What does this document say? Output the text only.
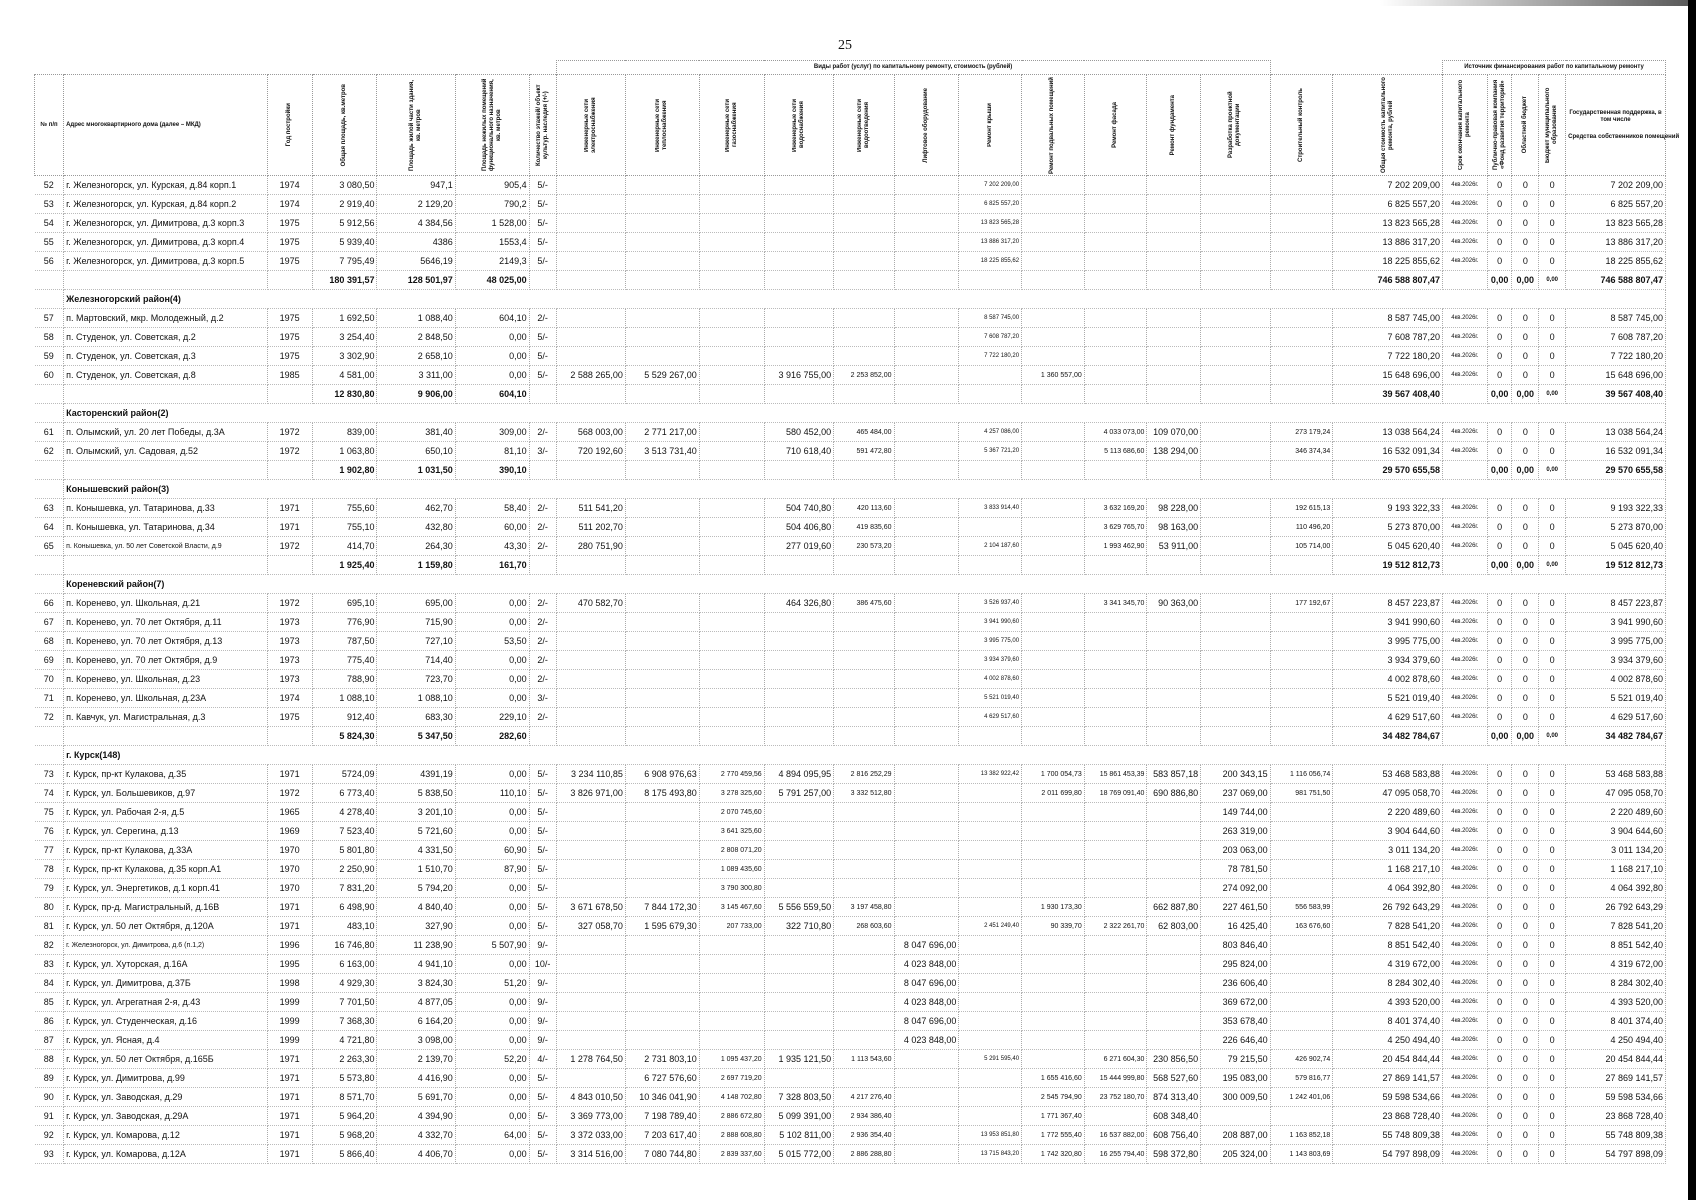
25
							Виды работ (услуг) по капитальному ремонту, стоимость (рублей)													Источник финансирования работ по капитальному ремонту				
№ п/п	Адрес многоквартирного дома (далее – МКД)	Год постройки	Общая площадь, кв.метров	Площадь жилой части здания, кв. метров	Площадь нежилых помещений функционального назначения, кв. метров	Количество этажей/ объект культур. наследия (+/-)	Инженерные сети электроснабжения	Инженерные сети теплоснабжения	Инженерные сети газоснабжения	Инженерные сети водоснабжения	Инженерные сети водоотведения	Лифтовое оборудование	Ремонт крыши	Ремонт подвальных помещений	Ремонт фасада	Ремонт фундамента	Разработка проектной документации	Строительный контроль	Общая стоимость капитального ремонта, рублей	Срок окончания капитального ремонта	Публично-правовая компания «Фонд развития территорий»	Областной бюджет	Бюджет муниципального образования	Государственная поддержка, в том числе
Средства собственников помещений
52	г. Железногорск, ул. Курская, д.84 корп.1	1974	3 080,50	947,1	905,4	5/-							7 202 209,00						7 202 209,00	4кв.2026г.	0	0	0	7 202 209,00
53	г. Железногорск, ул. Курская, д.84 корп.2	1974	2 919,40	2 129,20	790,2	5/-							6 825 557,20						6 825 557,20	4кв.2026г.	0	0	0	6 825 557,20
54	г. Железногорск, ул. Димитрова, д.3 корп.3	1975	5 912,56	4 384,56	1 528,00	5/-							13 823 565,28						13 823 565,28	4кв.2026г.	0	0	0	13 823 565,28
55	г. Железногорск, ул. Димитрова, д.3 корп.4	1975	5 939,40	4386	1553,4	5/-							13 886 317,20						13 886 317,20	4кв.2026г.	0	0	0	13 886 317,20
56	г. Железногорск, ул. Димитрова, д.3 корп.5	1975	7 795,49	5646,19	2149,3	5/-							18 225 855,62						18 225 855,62	4кв.2026г.	0	0	0	18 225 855,62
			180 391,57	128 501,97	48 025,00														746 588 807,47		0,00	0,00	0,00	746 588 807,47
	Железногорский район(4)																							
57	п. Мартовский, мкр. Молодежный, д.2	1975	1 692,50	1 088,40	604,10	2/-							8 587 745,00						8 587 745,00	4кв.2026г.	0	0	0	8 587 745,00
58	п. Студенок, ул. Советская, д.2	1975	3 254,40	2 848,50	0,00	5/-							7 608 787,20						7 608 787,20	4кв.2026г.	0	0	0	7 608 787,20
59	п. Студенок, ул. Советская, д.3	1975	3 302,90	2 658,10	0,00	5/-							7 722 180,20						7 722 180,20	4кв.2026г.	0	0	0	7 722 180,20
60	п. Студенок, ул. Советская, д.8	1985	4 581,00	3 311,00	0,00	5/-	2 588 265,00	5 529 267,00		3 916 755,00	2 253 852,00			1 360 557,00					15 648 696,00	4кв.2026г.	0	0	0	15 648 696,00
			12 830,80	9 906,00	604,10														39 567 408,40		0,00	0,00	0,00	39 567 408,40
	Касторенский район(2)																							
61	п. Олымский, ул. 20 лет Победы, д.3А	1972	839,00	381,40	309,00	2/-	568 003,00	2 771 217,00		580 452,00	465 484,00		4 257 086,00		4 033 073,00	109 070,00		273 179,24	13 038 564,24	4кв.2026г.	0	0	0	13 038 564,24
62	п. Олымский, ул. Садовая, д.52	1972	1 063,80	650,10	81,10	3/-	720 192,60	3 513 731,40		710 618,40	591 472,80		5 367 721,20		5 113 686,60	138 294,00		346 374,34	16 532 091,34	4кв.2026г.	0	0	0	16 532 091,34
			1 902,80	1 031,50	390,10														29 570 655,58		0,00	0,00	0,00	29 570 655,58
	Конышевский район(3)																							
63	п. Конышевка, ул. Татаринова, д.33	1971	755,60	462,70	58,40	2/-	511 541,20			504 740,80	420 113,60		3 833 914,40		3 632 169,20	98 228,00		192 615,13	9 193 322,33	4кв.2026г.	0	0	0	9 193 322,33
64	п. Конышевка, ул. Татаринова, д.34	1971	755,10	432,80	60,00	2/-	511 202,70			504 406,80	419 835,60				3 629 765,70	98 163,00		110 496,20	5 273 870,00	4кв.2026г.	0	0	0	5 273 870,00
65	п. Конышевка, ул. 50 лет Советской Власти, д.9	1972	414,70	264,30	43,30	2/-	280 751,90			277 019,60	230 573,20		2 104 187,60		1 993 462,90	53 911,00		105 714,00	5 045 620,40	4кв.2026г.	0	0	0	5 045 620,40
			1 925,40	1 159,80	161,70														19 512 812,73		0,00	0,00	0,00	19 512 812,73
	Кореневский район(7)																							
66	п. Коренево, ул. Школьная, д.21	1972	695,10	695,00	0,00	2/-	470 582,70			464 326,80	386 475,60		3 526 937,40		3 341 345,70	90 363,00		177 192,67	8 457 223,87	4кв.2026г.	0	0	0	8 457 223,87
67	п. Коренево, ул. 70 лет Октября, д.11	1973	776,90	715,90	0,00	2/-							3 941 990,60						3 941 990,60	4кв.2026г.	0	0	0	3 941 990,60
68	п. Коренево, ул. 70 лет Октября, д.13	1973	787,50	727,10	53,50	2/-							3 995 775,00						3 995 775,00	4кв.2026г.	0	0	0	3 995 775,00
69	п. Коренево, ул. 70 лет Октября, д.9	1973	775,40	714,40	0,00	2/-							3 934 379,60						3 934 379,60	4кв.2026г.	0	0	0	3 934 379,60
70	п. Коренево, ул. Школьная, д.23	1973	788,90	723,70	0,00	2/-							4 002 878,60						4 002 878,60	4кв.2026г.	0	0	0	4 002 878,60
71	п. Коренево, ул. Школьная, д.23А	1974	1 088,10	1 088,10	0,00	3/-							5 521 019,40						5 521 019,40	4кв.2026г.	0	0	0	5 521 019,40
72	п. Кавчук, ул. Магистральная, д.3	1975	912,40	683,30	229,10	2/-							4 629 517,60						4 629 517,60	4кв.2026г.	0	0	0	4 629 517,60
			5 824,30	5 347,50	282,60														34 482 784,67		0,00	0,00	0,00	34 482 784,67
	г. Курск(148)																							
73	г. Курск, пр-кт Кулакова, д.35	1971	5724,09	4391,19	0,00	5/-	3 234 110,85	6 908 976,63	2 770 459,56	4 894 095,95	2 816 252,29		13 382 922,42	1 700 054,73	15 861 453,39	583 857,18	200 343,15	1 116 056,74	53 468 583,88	4кв.2026г.	0	0	0	53 468 583,88
74	г. Курск, ул. Большевиков, д.97	1972	6 773,40	5 838,50	110,10	5/-	3 826 971,00	8 175 493,80	3 278 325,60	5 791 257,00	3 332 512,80			2 011 699,80	18 769 091,40	690 886,80	237 069,00	981 751,50	47 095 058,70	4кв.2026г.	0	0	0	47 095 058,70
75	г. Курск, ул. Рабочая 2-я, д.5	1965	4 278,40	3 201,10	0,00	5/-			2 070 745,60								149 744,00		2 220 489,60	4кв.2026г.	0	0	0	2 220 489,60
76	г. Курск, ул. Серегина, д.13	1969	7 523,40	5 721,60	0,00	5/-			3 641 325,60								263 319,00		3 904 644,60	4кв.2026г.	0	0	0	3 904 644,60
77	г. Курск, пр-кт Кулакова, д.33А	1970	5 801,80	4 331,50	60,90	5/-			2 808 071,20								203 063,00		3 011 134,20	4кв.2026г.	0	0	0	3 011 134,20
78	г. Курск, пр-кт Кулакова, д.35 корп.А1	1970	2 250,90	1 510,70	87,90	5/-			1 089 435,60								78 781,50		1 168 217,10	4кв.2026г.	0	0	0	1 168 217,10
79	г. Курск, ул. Энергетиков, д.1 корп.41	1970	7 831,20	5 794,20	0,00	5/-			3 790 300,80								274 092,00		4 064 392,80	4кв.2026г.	0	0	0	4 064 392,80
80	г. Курск, пр-д. Магистральный, д.16В	1971	6 498,90	4 840,40	0,00	5/-	3 671 678,50	7 844 172,30	3 145 467,60	5 556 559,50	3 197 458,80			1 930 173,30		662 887,80	227 461,50	556 583,99	26 792 643,29	4кв.2026г.	0	0	0	26 792 643,29
81	г. Курск, ул. 50 лет Октября, д.120А	1971	483,10	327,90	0,00	5/-	327 058,70	1 595 679,30	207 733,00	322 710,80	268 603,60		2 451 249,40	90 339,70	2 322 261,70	62 803,00	16 425,40	163 676,60	7 828 541,20	4кв.2026г.	0	0	0	7 828 541,20
82	г. Железногорск, ул. Димитрова, д.6 (п.1,2)	1996	16 746,80	11 238,90	5 507,90	9/-						8 047 696,00					803 846,40		8 851 542,40	4кв.2026г.	0	0	0	8 851 542,40
83	г. Курск, ул. Хуторская, д.16А	1995	6 163,00	4 941,10	0,00	10/-						4 023 848,00					295 824,00		4 319 672,00	4кв.2026г.	0	0	0	4 319 672,00
84	г. Курск, ул. Димитрова, д.37Б	1998	4 929,30	3 824,30	51,20	9/-						8 047 696,00					236 606,40		8 284 302,40	4кв.2026г.	0	0	0	8 284 302,40
85	г. Курск, ул. Агрегатная 2-я, д.43	1999	7 701,50	4 877,05	0,00	9/-						4 023 848,00					369 672,00		4 393 520,00	4кв.2026г.	0	0	0	4 393 520,00
86	г. Курск, ул. Студенческая, д.16	1999	7 368,30	6 164,20	0,00	9/-						8 047 696,00					353 678,40		8 401 374,40	4кв.2026г.	0	0	0	8 401 374,40
87	г. Курск, ул. Ясная, д.4	1999	4 721,80	3 098,00	0,00	9/-						4 023 848,00					226 646,40		4 250 494,40	4кв.2026г.	0	0	0	4 250 494,40
88	г. Курск, ул. 50 лет Октября, д.165Б	1971	2 263,30	2 139,70	52,20	4/-	1 278 764,50	2 731 803,10	1 095 437,20	1 935 121,50	1 113 543,60		5 291 595,40		6 271 604,30	230 856,50	79 215,50	426 902,74	20 454 844,44	4кв.2026г.	0	0	0	20 454 844,44
89	г. Курск, ул. Димитрова, д.99	1971	5 573,80	4 416,90	0,00	5/-		6 727 576,60	2 697 719,20					1 655 416,60	15 444 999,80	568 527,60	195 083,00	579 816,77	27 869 141,57	4кв.2026г.	0	0	0	27 869 141,57
90	г. Курск, ул. Заводская, д.29	1971	8 571,70	5 691,70	0,00	5/-	4 843 010,50	10 346 041,90	4 148 702,80	7 328 803,50	4 217 276,40			2 545 794,90	23 752 180,70	874 313,40	300 009,50	1 242 401,06	59 598 534,66	4кв.2026г.	0	0	0	59 598 534,66
91	г. Курск, ул. Заводская, д.29А	1971	5 964,20	4 394,90	0,00	5/-	3 369 773,00	7 198 789,40	2 886 672,80	5 099 391,00	2 934 386,40			1 771 367,40		608 348,40			23 868 728,40	4кв.2026г.	0	0	0	23 868 728,40
92	г. Курск, ул. Комарова, д.12	1971	5 968,20	4 332,70	64,00	5/-	3 372 033,00	7 203 617,40	2 888 608,80	5 102 811,00	2 936 354,40		13 953 851,80	1 772 555,40	16 537 882,00	608 756,40	208 887,00	1 163 852,18	55 748 809,38	4кв.2026г.	0	0	0	55 748 809,38
93	г. Курск, ул. Комарова, д.12А	1971	5 866,40	4 406,70	0,00	5/-	3 314 516,00	7 080 744,80	2 839 337,60	5 015 772,00	2 886 288,80		13 715 843,20	1 742 320,80	16 255 794,40	598 372,80	205 324,00	1 143 803,69	54 797 898,09	4кв.2026г.	0	0	0	54 797 898,09
